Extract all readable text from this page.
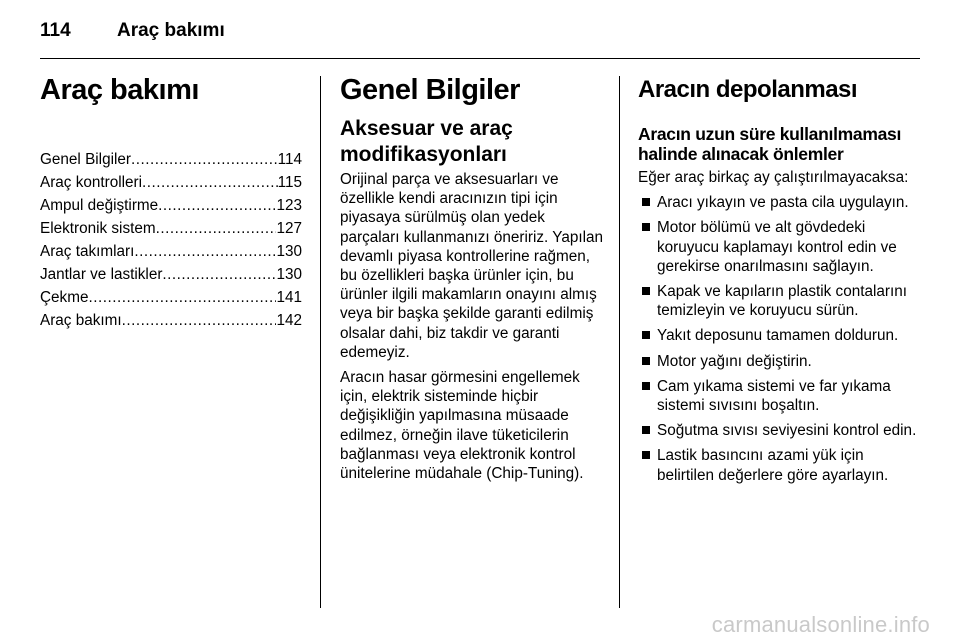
114 Araç bakımı
Araç bakımı
Genel Bilgiler .....	114
Araç kontrolleri .....	115
Ampul değiştirme .....	123
Elektronik sistem .....	127
Araç takımları .....	130
Jantlar ve lastikler .....	130
Çekme .....	141
Araç bakımı .....	142
Genel Bilgiler
Aksesuar ve araç modifikasyonları

Orijinal parça ve aksesuarları ve özellikle kendi aracınızın tipi için piyasaya sürülmüş olan yedek parçaları kullanmanızı öneririz. Yapılan devamlı piyasa kontrollerine rağmen, bu özellikleri başka ürünler için, bu ürünler ilgili makamların onayını almış veya bir başka şekilde garanti edilmiş olsalar dahi, biz takdir ve garanti edemeyiz.

Aracın hasar görmesini engellemek için, elektrik sisteminde hiçbir değişikliğin yapılmasına müsaade edilmez, örneğin ilave tüketicilerin bağlanması veya elektronik kontrol ünitelerine müdahale (Chip-Tuning).

Aracın depolanması
Aracın uzun süre kullanılmaması halinde alınacak önlemler

Eğer araç birkaç ay çalıştırılmayacaksa:

Aracı yıkayın ve pasta cila uygulayın.
Motor bölümü ve alt gövdedeki koruyucu kaplamayı kontrol edin ve gerekirse onarılmasını sağlayın.
Kapak ve kapıların plastik contalarını temizleyin ve koruyucu sürün.
Yakıt deposunu tamamen doldurun.
Motor yağını değiştirin.
Cam yıkama sistemi ve far yıkama sistemi sıvısını boşaltın.
Soğutma sıvısı seviyesini kontrol edin.
Lastik basıncını azami yük için belirtilen değerlere göre ayarlayın.
carmanualsonline.info
